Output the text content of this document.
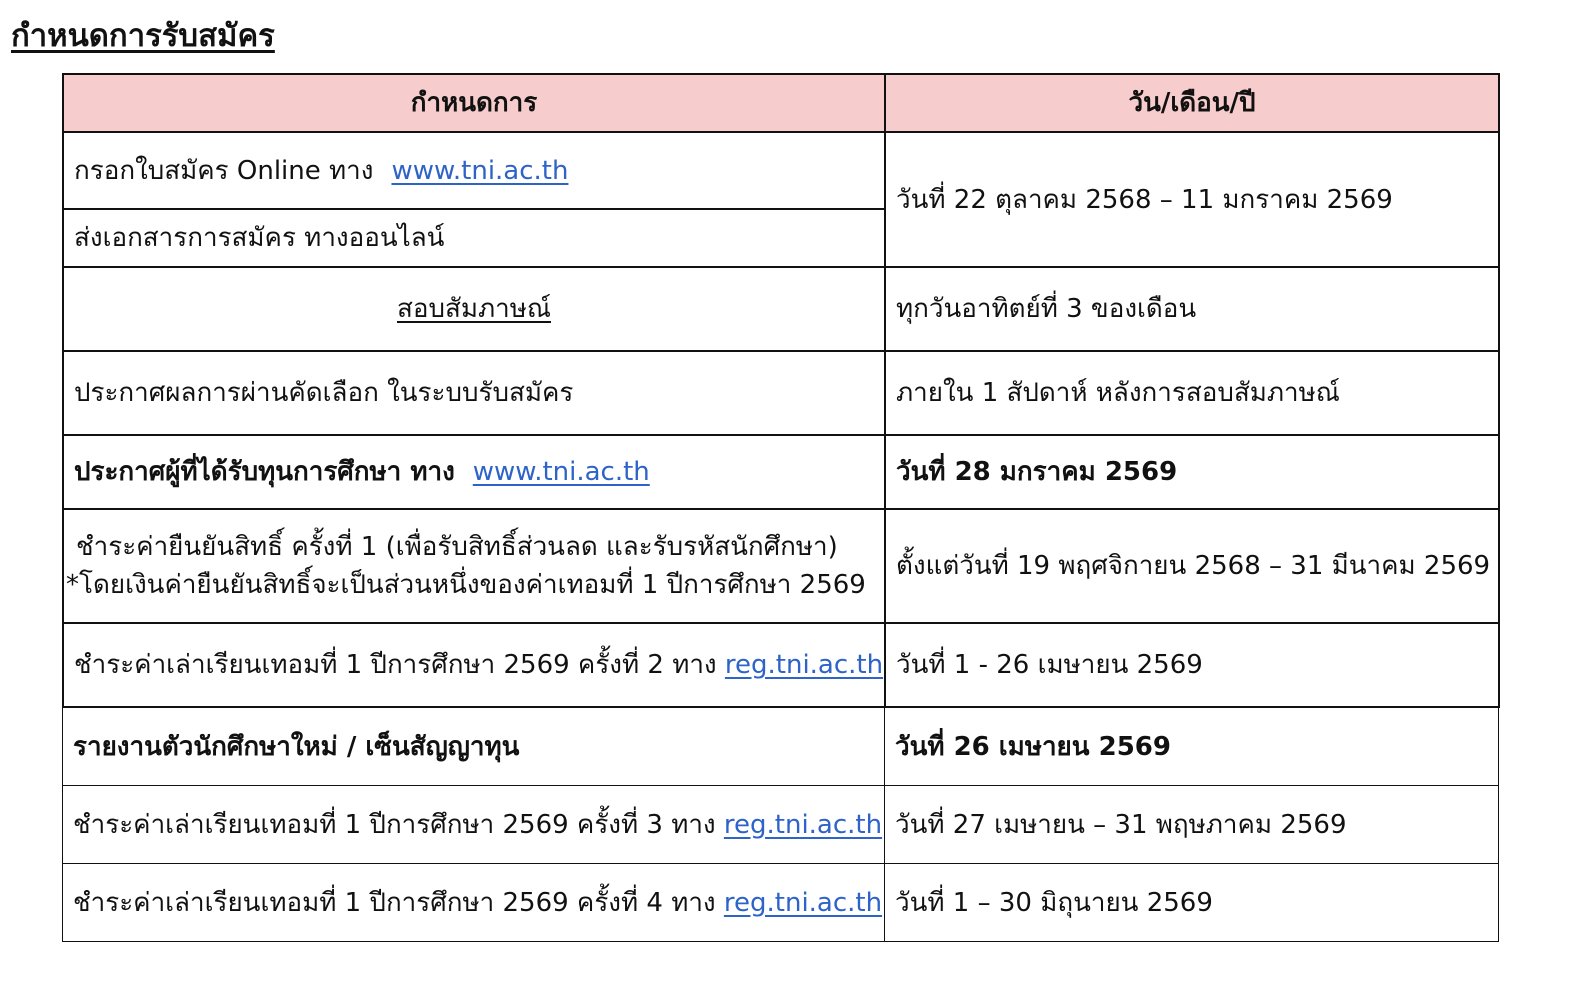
กำหนดการรับสมัคร
กำหนดการ	วัน/เดือน/ปี
กรอกใบสมัคร Online ทาง www.tni.ac.th	วันที่ 22 ตุลาคม 2568 – 11 มกราคม 2569
ส่งเอกสารการสมัคร ทางออนไลน์	
สอบสัมภาษณ์	ทุกวันอาทิตย์ที่ 3 ของเดือน
ประกาศผลการผ่านคัดเลือก ในระบบรับสมัคร	ภายใน 1 สัปดาห์ หลังการสอบสัมภาษณ์
ประกาศผู้ที่ได้รับทุนการศึกษา ทาง www.tni.ac.th	วันที่ 28 มกราคม 2569

ชำระค่ายืนยันสิทธิ์ ครั้งที่ 1 (เพื่อรับสิทธิ์ส่วนลด และรับรหัสนักศึกษา)
*โดยเงินค่ายืนยันสิทธิ์จะเป็นส่วนหนึ่งของค่าเทอมที่ 1 ปีการศึกษา 2569	ตั้งแต่วันที่ 19 พฤศจิกายน 2568 – 31 มีนาคม 2569
ชำระค่าเล่าเรียนเทอมที่ 1 ปีการศึกษา 2569 ครั้งที่ 2 ทาง reg.tni.ac.th	วันที่ 1 - 26 เมษายน 2569
รายงานตัวนักศึกษาใหม่ / เซ็นสัญญาทุน	วันที่ 26 เมษายน 2569
ชำระค่าเล่าเรียนเทอมที่ 1 ปีการศึกษา 2569 ครั้งที่ 3 ทาง reg.tni.ac.th	วันที่ 27 เมษายน – 31 พฤษภาคม 2569
ชำระค่าเล่าเรียนเทอมที่ 1 ปีการศึกษา 2569 ครั้งที่ 4 ทาง reg.tni.ac.th	วันที่ 1 – 30 มิถุนายน 2569
